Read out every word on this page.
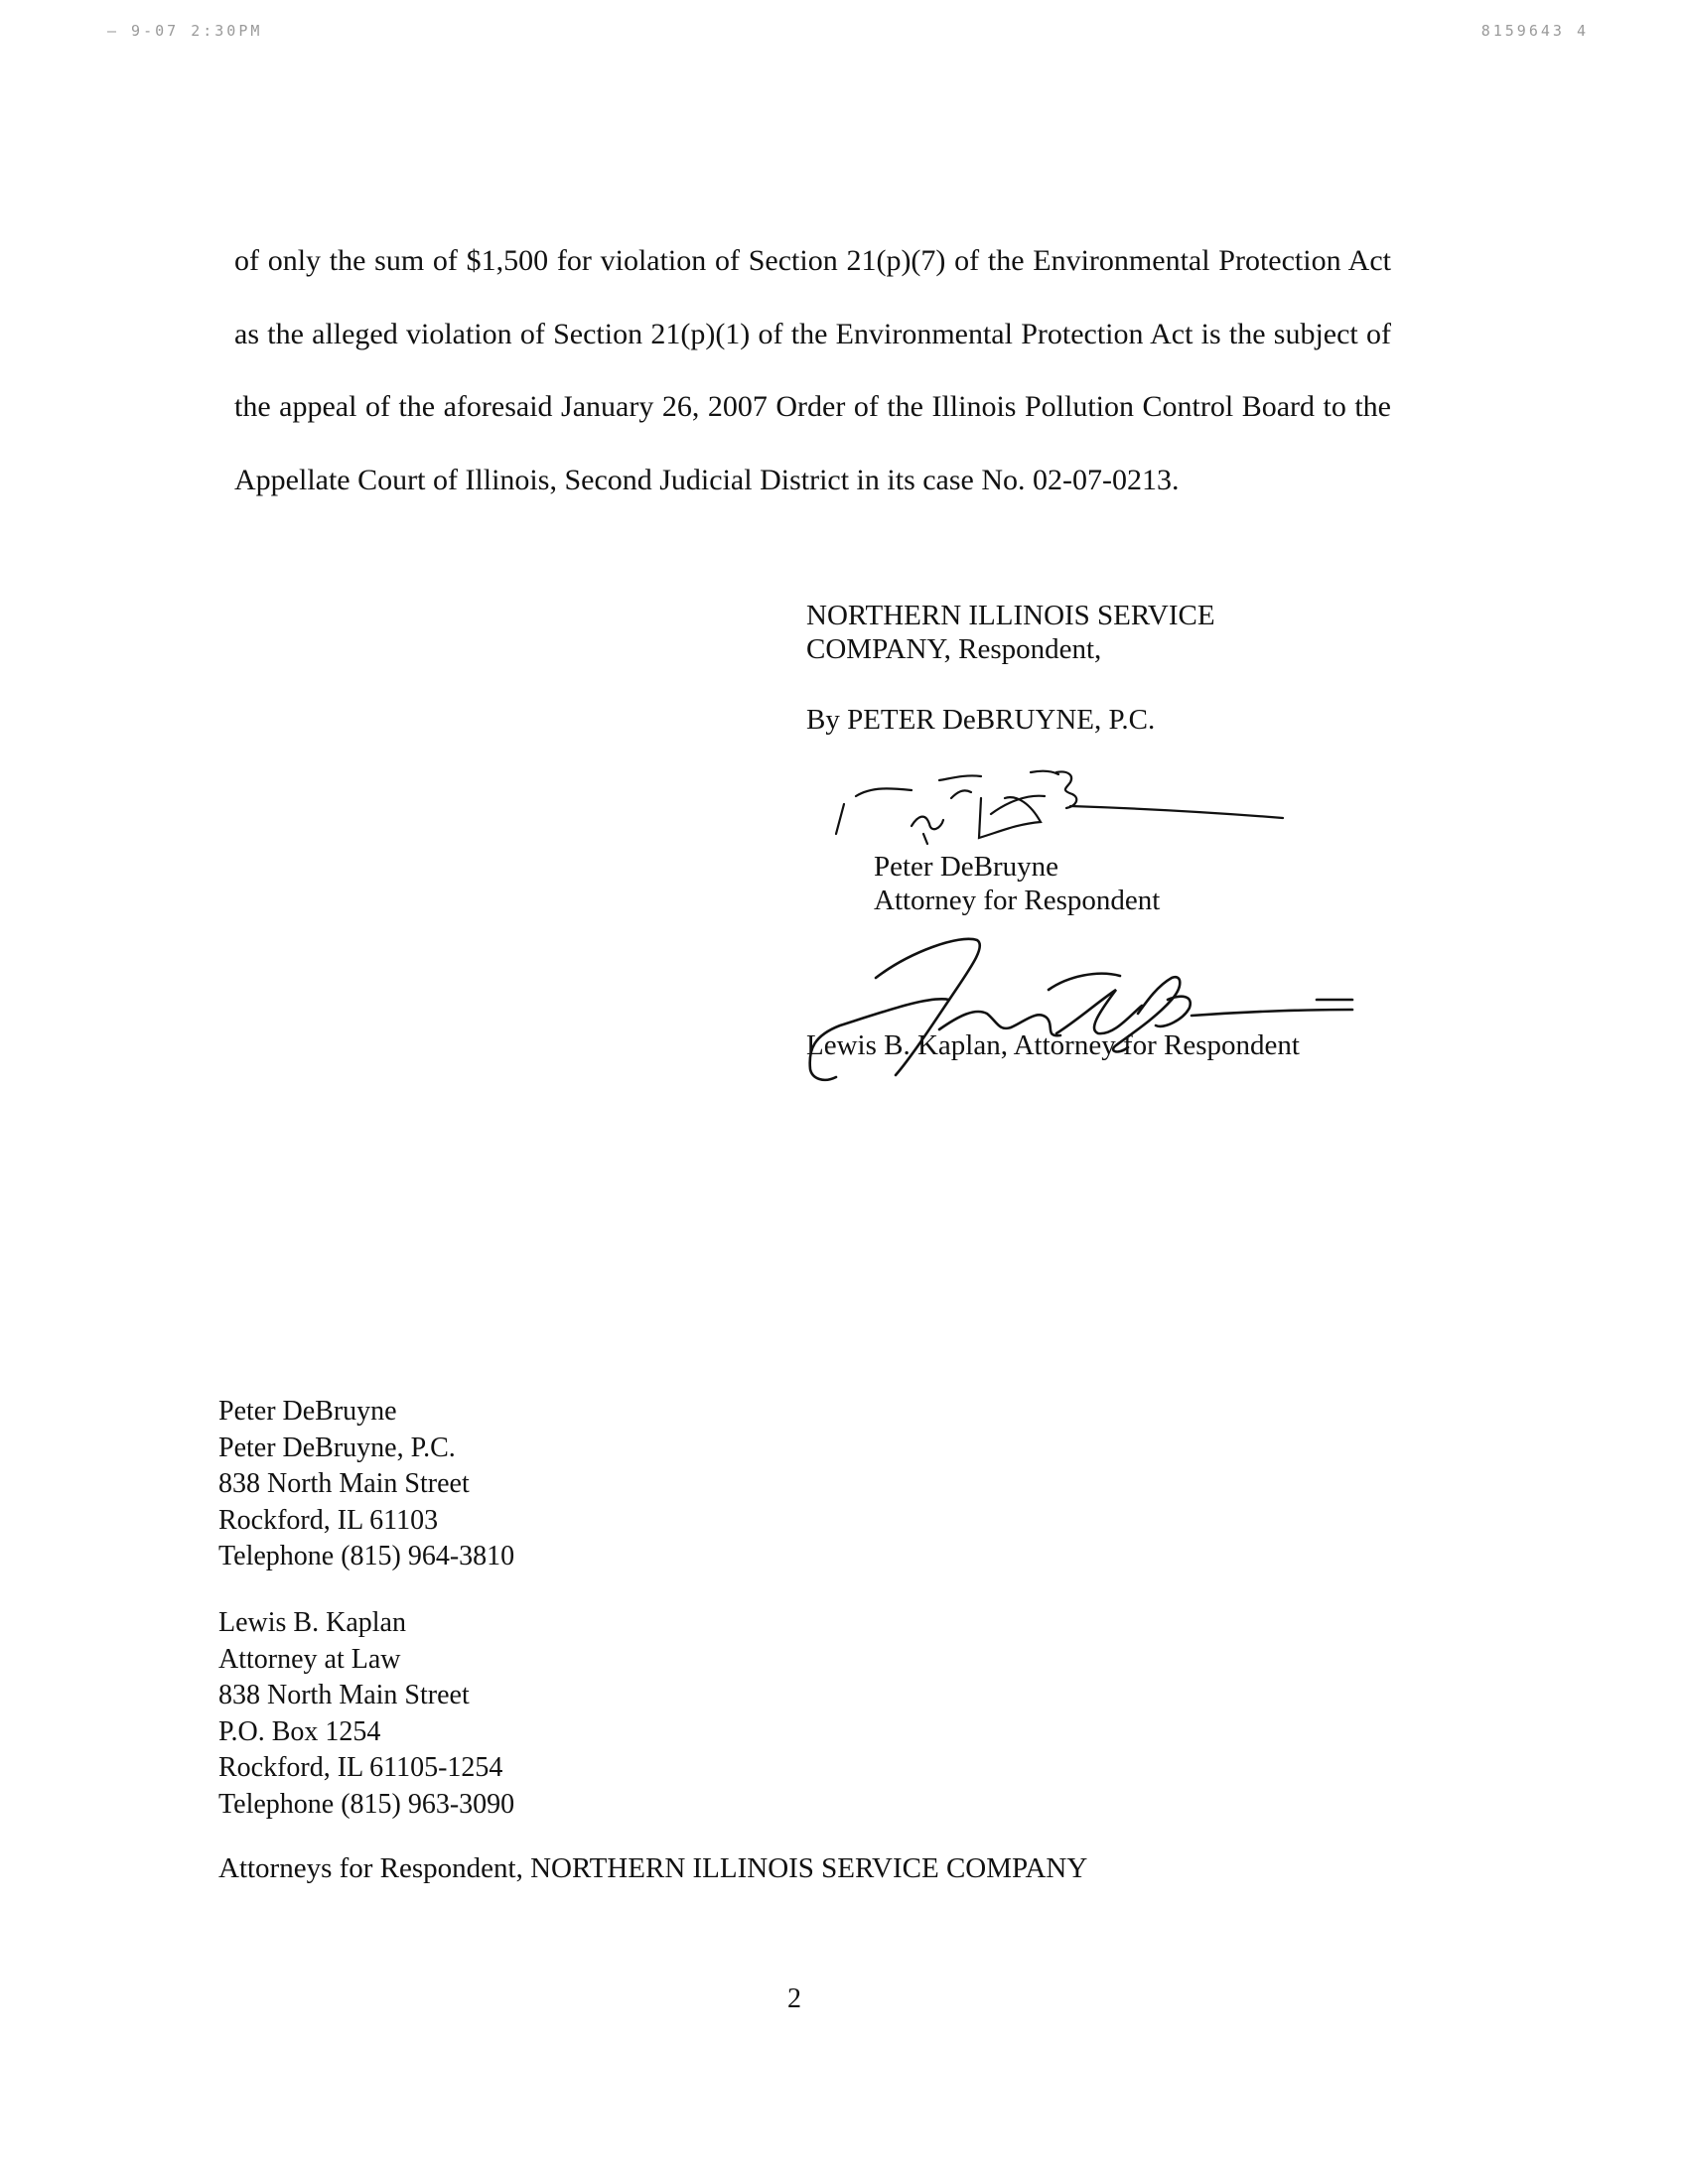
– 9-07 2:30PM	8159643 4

of only the sum of $1,500 for violation of Section 21(p)(7) of the Environmental Protection Act as the alleged violation of Section 21(p)(1) of the Environmental Protection Act is the subject of the appeal of the aforesaid January 26, 2007 Order of the Illinois Pollution Control Board to the Appellate Court of Illinois, Second Judicial District in its case No. 02-07-0213.

NORTHERN ILLINOIS SERVICE
COMPANY, Respondent,
By PETER DeBRUYNE, P.C.
Peter DeBruyne
Attorney for Respondent
Lewis B. Kaplan, Attorney for Respondent
Peter DeBruyne
Peter DeBruyne, P.C.
838 North Main Street
Rockford, IL 61103
Telephone (815) 964-3810
Lewis B. Kaplan
Attorney at Law
838 North Main Street
P.O. Box 1254
Rockford, IL 61105-1254
Telephone (815) 963-3090
Attorneys for Respondent, NORTHERN ILLINOIS SERVICE COMPANY
2
